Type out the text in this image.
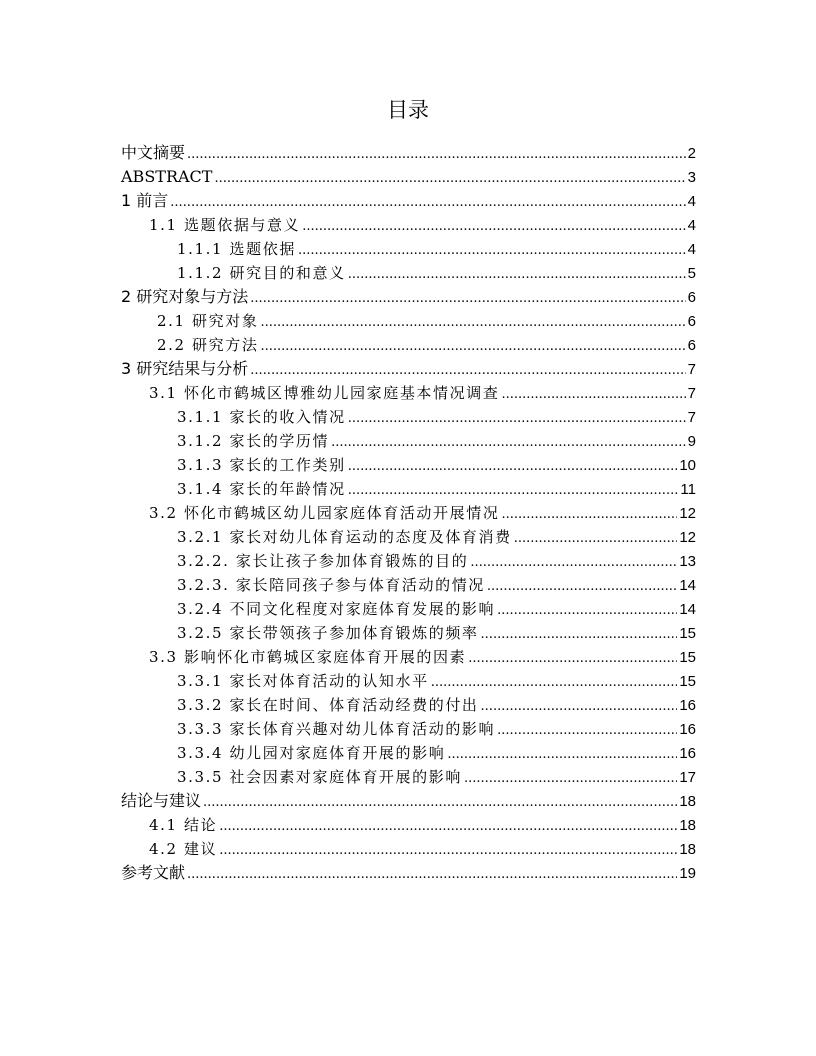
目录
中文摘要 .....	2
ABSTRACT .....	3
1 前言 .....	4
1.1 选题依据与意义 .....	4
1.1.1 选题依据 .....	4
1.1.2 研究目的和意义 .....	5
2 研究对象与方法 .....	6
2.1 研究对象 .....	6
2.2 研究方法 .....	6
3 研究结果与分析 .....	7
3.1 怀化市鹤城区博雅幼儿园家庭基本情况调查 .....	7
3.1.1 家长的收入情况 .....	7
3.1.2 家长的学历情 .....	9
3.1.3 家长的工作类别 .....	10
3.1.4 家长的年龄情况 .....	11
3.2 怀化市鹤城区幼儿园家庭体育活动开展情况 .....	12
3.2.1 家长对幼儿体育运动的态度及体育消费 .....	12
3.2.2. 家长让孩子参加体育锻炼的目的 .....	13
3.2.3. 家长陪同孩子参与体育活动的情况 .....	14
3.2.4 不同文化程度对家庭体育发展的影响 .....	14
3.2.5 家长带领孩子参加体育锻炼的频率 .....	15
3.3 影响怀化市鹤城区家庭体育开展的因素 .....	15
3.3.1 家长对体育活动的认知水平 .....	15
3.3.2 家长在时间、体育活动经费的付出 .....	16
3.3.3 家长体育兴趣对幼儿体育活动的影响 .....	16
3.3.4 幼儿园对家庭体育开展的影响 .....	16
3.3.5 社会因素对家庭体育开展的影响 .....	17
结论与建议 .....	18
4.1 结论 .....	18
4.2 建议 .....	18
参考文献 .....	19
